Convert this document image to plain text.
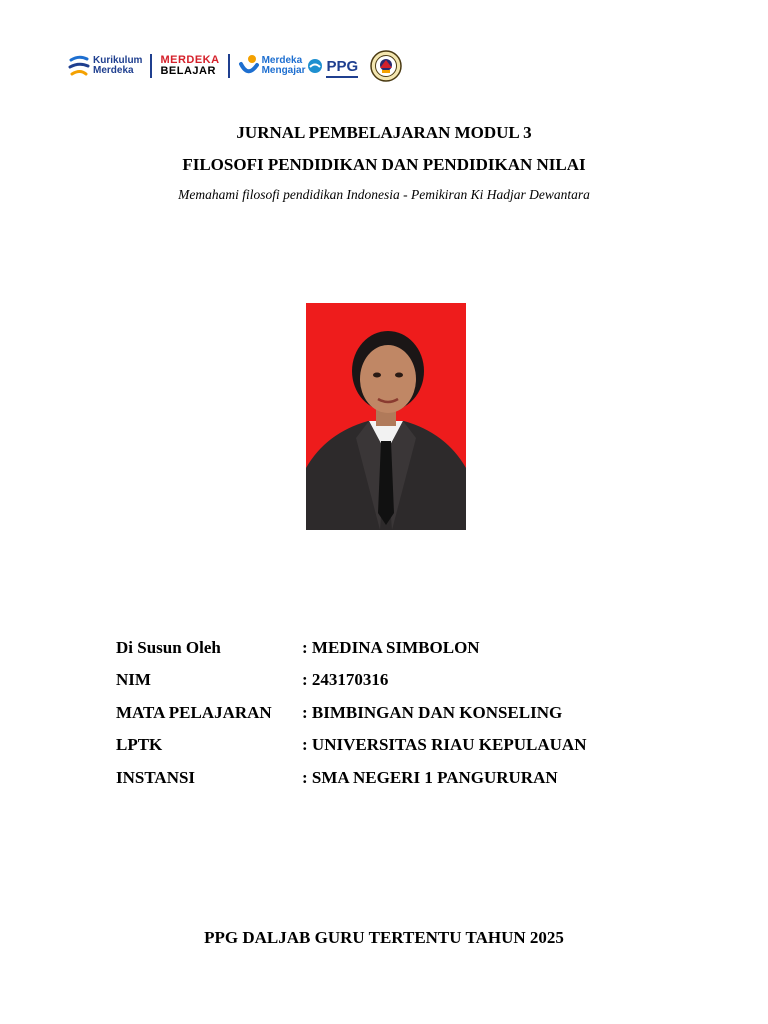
Kurikulum
Merdeka
MERDEKA
BELAJAR
Merdeka
Mengajar PPG
JURNAL PEMBELAJARAN MODUL 3
FILOSOFI PENDIDIKAN DAN PENDIDIKAN NILAI
Memahami filosofi pendidikan Indonesia - Pemikiran Ki Hadjar Dewantara
Di Susun Oleh	: MEDINA SIMBOLON
NIM	: 243170316
MATA PELAJARAN	: BIMBINGAN DAN KONSELING
LPTK	: UNIVERSITAS RIAU KEPULAUAN
INSTANSI	: SMA NEGERI 1 PANGURURAN
PPG DALJAB GURU TERTENTU TAHUN 2025
